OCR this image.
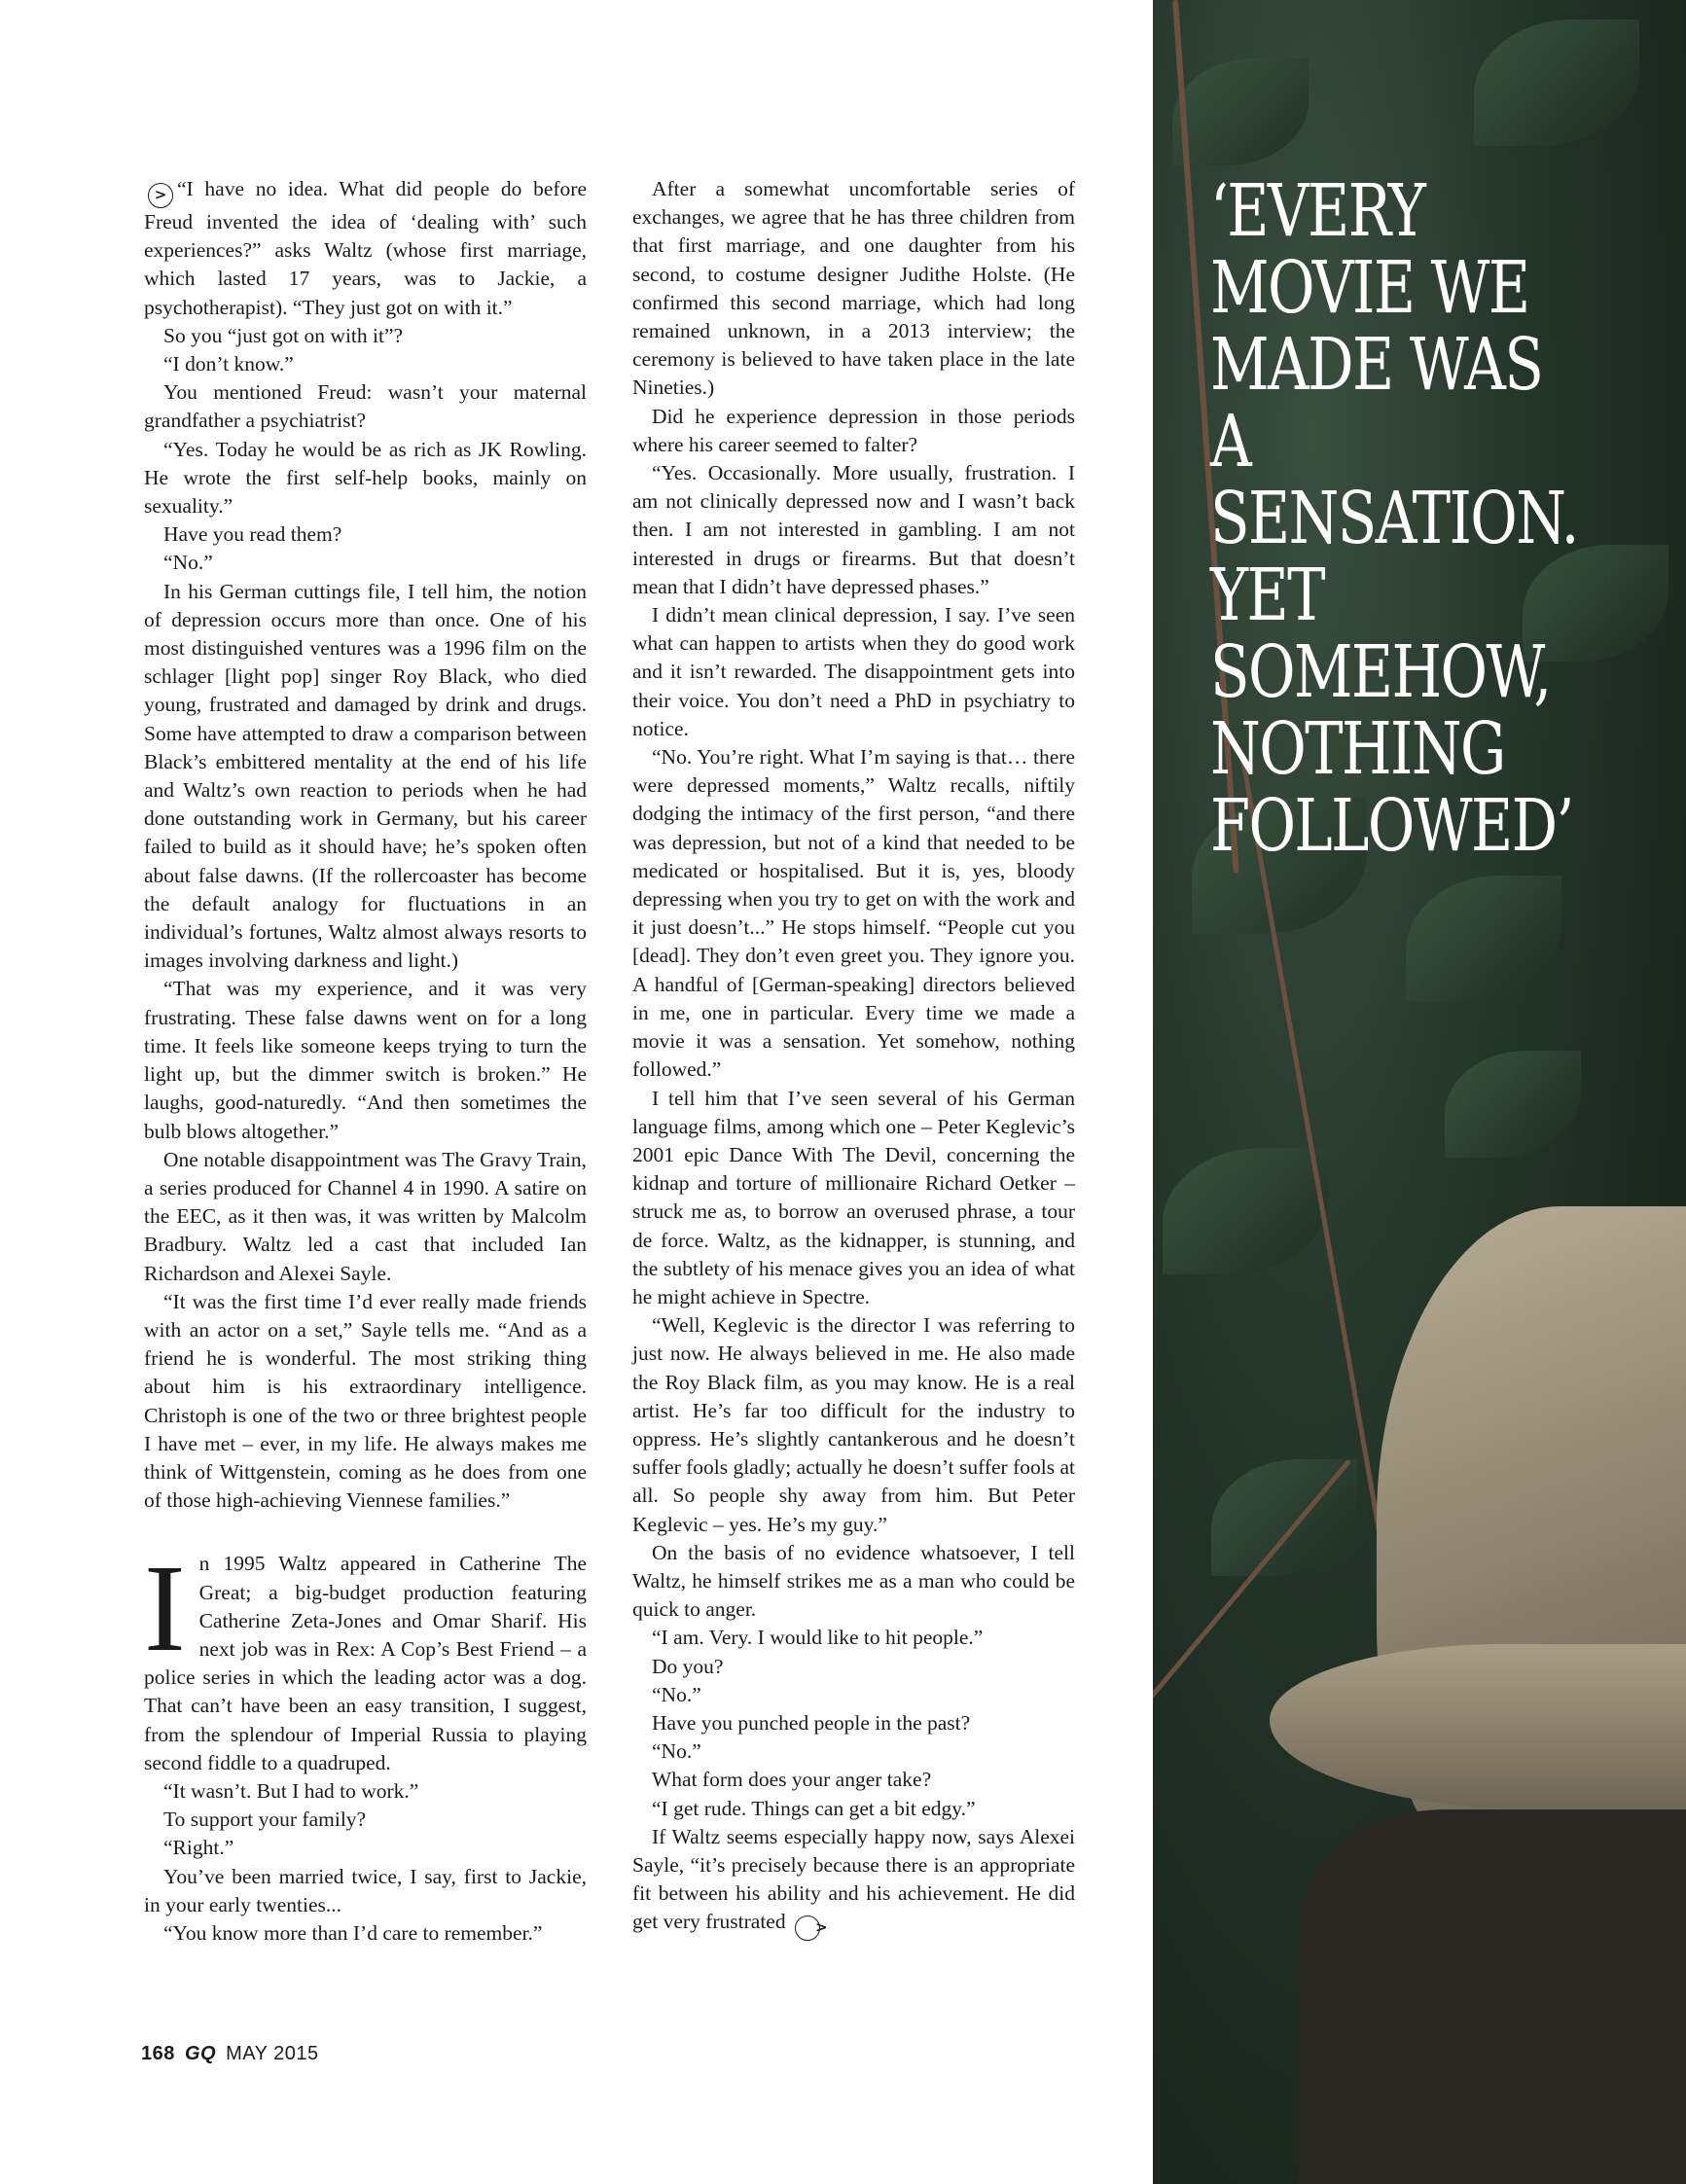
> “I have no idea. What did people do before Freud invented the idea of ‘dealing with’ such experiences?” asks Waltz (whose first marriage, which lasted 17 years, was to Jackie, a psychotherapist). “They just got on with it.”

So you “just got on with it”?

“I don’t know.”

You mentioned Freud: wasn’t your maternal grandfather a psychiatrist?

“Yes. Today he would be as rich as JK Rowling. He wrote the first self-help books, mainly on sexuality.”

Have you read them?

“No.”

In his German cuttings file, I tell him, the notion of depression occurs more than once. One of his most distinguished ventures was a 1996 film on the schlager [light pop] singer Roy Black, who died young, frustrated and damaged by drink and drugs. Some have attempted to draw a comparison between Black’s embittered mentality at the end of his life and Waltz’s own reaction to periods when he had done outstanding work in Germany, but his career failed to build as it should have; he’s spoken often about false dawns. (If the rollercoaster has become the default analogy for fluctuations in an individual’s fortunes, Waltz almost always resorts to images involving darkness and light.)

“That was my experience, and it was very frustrating. These false dawns went on for a long time. It feels like someone keeps trying to turn the light up, but the dimmer switch is broken.” He laughs, good-naturedly. “And then sometimes the bulb blows altogether.”

One notable disappointment was The Gravy Train, a series produced for Channel 4 in 1990. A satire on the EEC, as it then was, it was written by Malcolm Bradbury. Waltz led a cast that included Ian Richardson and Alexei Sayle.

“It was the first time I’d ever really made friends with an actor on a set,” Sayle tells me. “And as a friend he is wonderful. The most striking thing about him is his extraordinary intelligence. Christoph is one of the two or three brightest people I have met – ever, in my life. He always makes me think of Wittgenstein, coming as he does from one of those high-achieving Viennese families.”

In 1995 Waltz appeared in Catherine The Great; a big-budget production featuring Catherine Zeta-Jones and Omar Sharif. His next job was in Rex: A Cop’s Best Friend – a police series in which the leading actor was a dog. That can’t have been an easy transition, I suggest, from the splendour of Imperial Russia to playing second fiddle to a quadruped.

“It wasn’t. But I had to work.”

To support your family?

“Right.”

You’ve been married twice, I say, first to Jackie, in your early twenties...

“You know more than I’d care to remember.”

After a somewhat uncomfortable series of exchanges, we agree that he has three children from that first marriage, and one daughter from his second, to costume designer Judithe Holste. (He confirmed this second marriage, which had long remained unknown, in a 2013 interview; the ceremony is believed to have taken place in the late Nineties.)

Did he experience depression in those periods where his career seemed to falter?

“Yes. Occasionally. More usually, frustration. I am not clinically depressed now and I wasn’t back then. I am not interested in gambling. I am not interested in drugs or firearms. But that doesn’t mean that I didn’t have depressed phases.”

I didn’t mean clinical depression, I say. I’ve seen what can happen to artists when they do good work and it isn’t rewarded. The disappointment gets into their voice. You don’t need a PhD in psychiatry to notice.

“No. You’re right. What I’m saying is that… there were depressed moments,” Waltz recalls, niftily dodging the intimacy of the first person, “and there was depression, but not of a kind that needed to be medicated or hospitalised. But it is, yes, bloody depressing when you try to get on with the work and it just doesn’t...” He stops himself. “People cut you [dead]. They don’t even greet you. They ignore you. A handful of [German-speaking] directors believed in me, one in particular. Every time we made a movie it was a sensation. Yet somehow, nothing followed.”

I tell him that I’ve seen several of his German language films, among which one – Peter Keglevic’s 2001 epic Dance With The Devil, concerning the kidnap and torture of millionaire Richard Oetker – struck me as, to borrow an overused phrase, a tour de force. Waltz, as the kidnapper, is stunning, and the subtlety of his menace gives you an idea of what he might achieve in Spectre.

“Well, Keglevic is the director I was referring to just now. He always believed in me. He also made the Roy Black film, as you may know. He is a real artist. He’s far too difficult for the industry to oppress. He’s slightly cantankerous and he doesn’t suffer fools gladly; actually he doesn’t suffer fools at all. So people shy away from him. But Peter Keglevic – yes. He’s my guy.”

On the basis of no evidence whatsoever, I tell Waltz, he himself strikes me as a man who could be quick to anger.

“I am. Very. I would like to hit people.”

Do you?

“No.”

Have you punched people in the past?

“No.”

What form does your anger take?

“I get rude. Things can get a bit edgy.”

If Waltz seems especially happy now, says Alexei Sayle, “it’s precisely because there is an appropriate fit between his ability and his achievement. He did get very frustrated >

168 GQ MAY 2015
‘EVERY MOVIE WE MADE WAS A SENSATION. YET SOMEHOW, NOTHING FOLLOWED’
